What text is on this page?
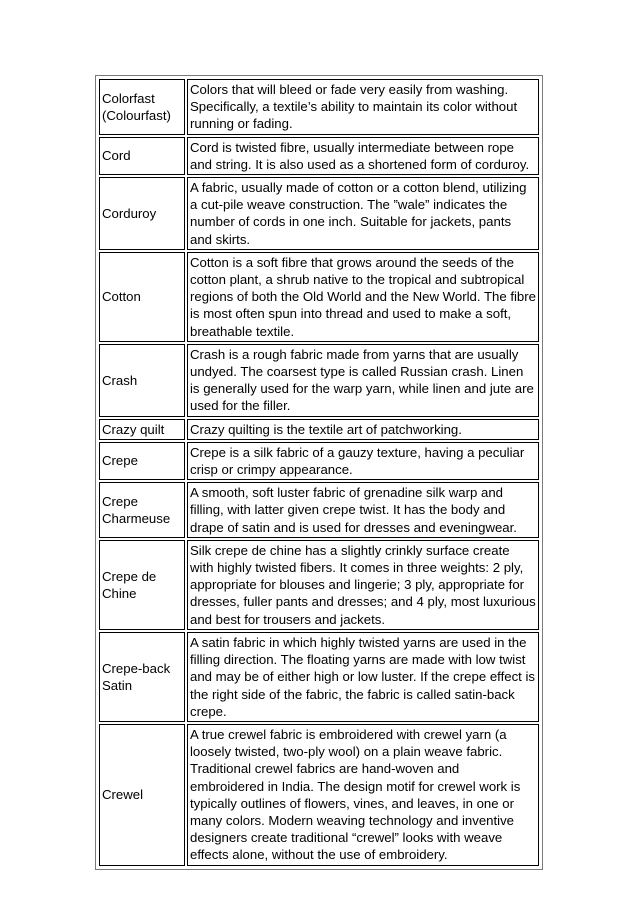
Colorfast (Colourfast)	Colors that will bleed or fade very easily from washing. Specifically, a textile’s ability to maintain its color without running or fading.
Cord	Cord is twisted fibre, usually intermediate between rope and string. It is also used as a shortened form of corduroy.
Corduroy	A fabric, usually made of cotton or a cotton blend, utilizing a cut-pile weave construction. The ”wale” indicates the number of cords in one inch. Suitable for jackets, pants and skirts.
Cotton	Cotton is a soft fibre that grows around the seeds of the cotton plant, a shrub native to the tropical and subtropical regions of both the Old World and the New World. The fibre is most often spun into thread and used to make a soft, breathable textile.
Crash	Crash is a rough fabric made from yarns that are usually undyed. The coarsest type is called Russian crash. Linen is generally used for the warp yarn, while linen and jute are used for the filler.
Crazy quilt	Crazy quilting is the textile art of patchworking.
Crepe	Crepe is a silk fabric of a gauzy texture, having a peculiar crisp or crimpy appearance.
Crepe Charmeuse	A smooth, soft luster fabric of grenadine silk warp and filling, with latter given crepe twist. It has the body and drape of satin and is used for dresses and eveningwear.
Crepe de Chine	Silk crepe de chine has a slightly crinkly surface create with highly twisted fibers. It comes in three weights: 2 ply, appropriate for blouses and lingerie; 3 ply, appropriate for dresses, fuller pants and dresses; and 4 ply, most luxurious and best for trousers and jackets.
Crepe-back Satin	A satin fabric in which highly twisted yarns are used in the filling direction. The floating yarns are made with low twist and may be of either high or low luster. If the crepe effect is the right side of the fabric, the fabric is called satin-back crepe.
Crewel	A true crewel fabric is embroidered with crewel yarn (a loosely twisted, two-ply wool) on a plain weave fabric. Traditional crewel fabrics are hand-woven and embroidered in India. The design motif for crewel work is typically outlines of flowers, vines, and leaves, in one or many colors. Modern weaving technology and inventive designers create traditional “crewel” looks with weave effects alone, without the use of embroidery.
